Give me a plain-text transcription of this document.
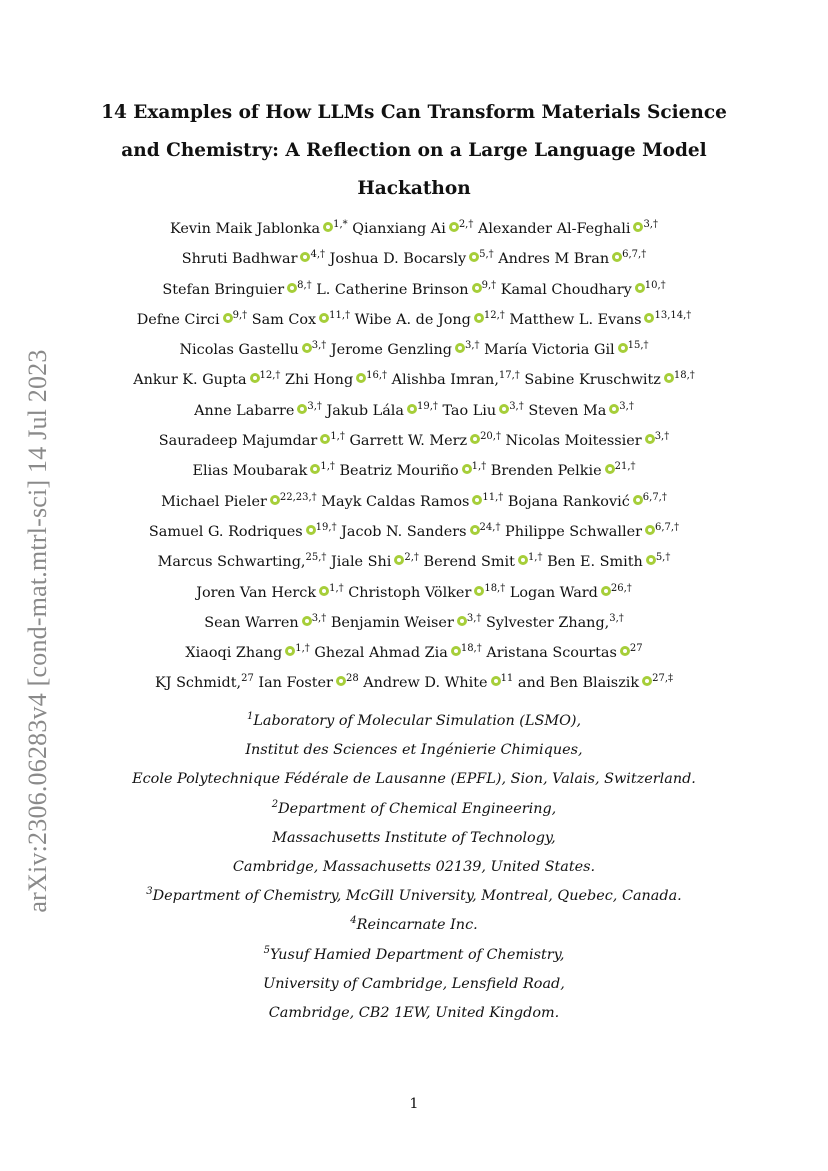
arXiv:2306.06283v4 [cond-mat.mtrl-sci] 14 Jul 2023
14 Examples of How LLMs Can Transform Materials Science
and Chemistry: A Reflection on a Large Language Model
Hackathon
Kevin Maik Jablonka $^{1,*}$ Qianxiang Ai $^{2,\dagger}$ Alexander Al-Feghali $^{3,\dagger}$
Shruti Badhwar $^{4,\dagger}$ Joshua D. Bocarsly $^{5,\dagger}$ Andres M Bran $^{6,7,\dagger}$
Stefan Bringuier $^{8,\dagger}$ L. Catherine Brinson $^{9,\dagger}$ Kamal Choudhary $^{10,\dagger}$
Defne Circi $^{9,\dagger}$ Sam Cox $^{11,\dagger}$ Wibe A. de Jong $^{12,\dagger}$ Matthew L. Evans $^{13,14,\dagger}$
Nicolas Gastellu $^{3,\dagger}$ Jerome Genzling $^{3,\dagger}$ María Victoria Gil $^{15,\dagger}$
Ankur K. Gupta $^{12,\dagger}$ Zhi Hong $^{16,\dagger}$ Alishba Imran,$^{17,\dagger}$ Sabine Kruschwitz $^{18,\dagger}$
Anne Labarre $^{3,\dagger}$ Jakub Lála $^{19,\dagger}$ Tao Liu $^{3,\dagger}$ Steven Ma $^{3,\dagger}$
Sauradeep Majumdar $^{1,\dagger}$ Garrett W. Merz $^{20,\dagger}$ Nicolas Moitessier $^{3,\dagger}$
Elias Moubarak $^{1,\dagger}$ Beatriz Mouriño $^{1,\dagger}$ Brenden Pelkie $^{21,\dagger}$
Michael Pieler $^{22,23,\dagger}$ Mayk Caldas Ramos $^{11,\dagger}$ Bojana Ranković $^{6,7,\dagger}$
Samuel G. Rodriques $^{19,\dagger}$ Jacob N. Sanders $^{24,\dagger}$ Philippe Schwaller $^{6,7,\dagger}$
Marcus Schwarting,$^{25,\dagger}$ Jiale Shi $^{2,\dagger}$ Berend Smit $^{1,\dagger}$ Ben E. Smith $^{5,\dagger}$
Joren Van Herck $^{1,\dagger}$ Christoph Völker $^{18,\dagger}$ Logan Ward $^{26,\dagger}$
Sean Warren $^{3,\dagger}$ Benjamin Weiser $^{3,\dagger}$ Sylvester Zhang,$^{3,\dagger}$
Xiaoqi Zhang $^{1,\dagger}$ Ghezal Ahmad Zia $^{18,\dagger}$ Aristana Scourtas $^{27}$
KJ Schmidt,$^{27}$ Ian Foster $^{28}$ Andrew D. White $^{11}$ and Ben Blaiszik $^{27,\ddagger}$
$^1$Laboratory of Molecular Simulation (LSMO),
Institut des Sciences et Ingénierie Chimiques,
Ecole Polytechnique Fédérale de Lausanne (EPFL), Sion, Valais, Switzerland.
$^2$Department of Chemical Engineering,
Massachusetts Institute of Technology,
Cambridge, Massachusetts 02139, United States.
$^3$Department of Chemistry, McGill University, Montreal, Quebec, Canada.
$^4$Reincarnate Inc.
$^5$Yusuf Hamied Department of Chemistry,
University of Cambridge, Lensfield Road,
Cambridge, CB2 1EW, United Kingdom.
1
